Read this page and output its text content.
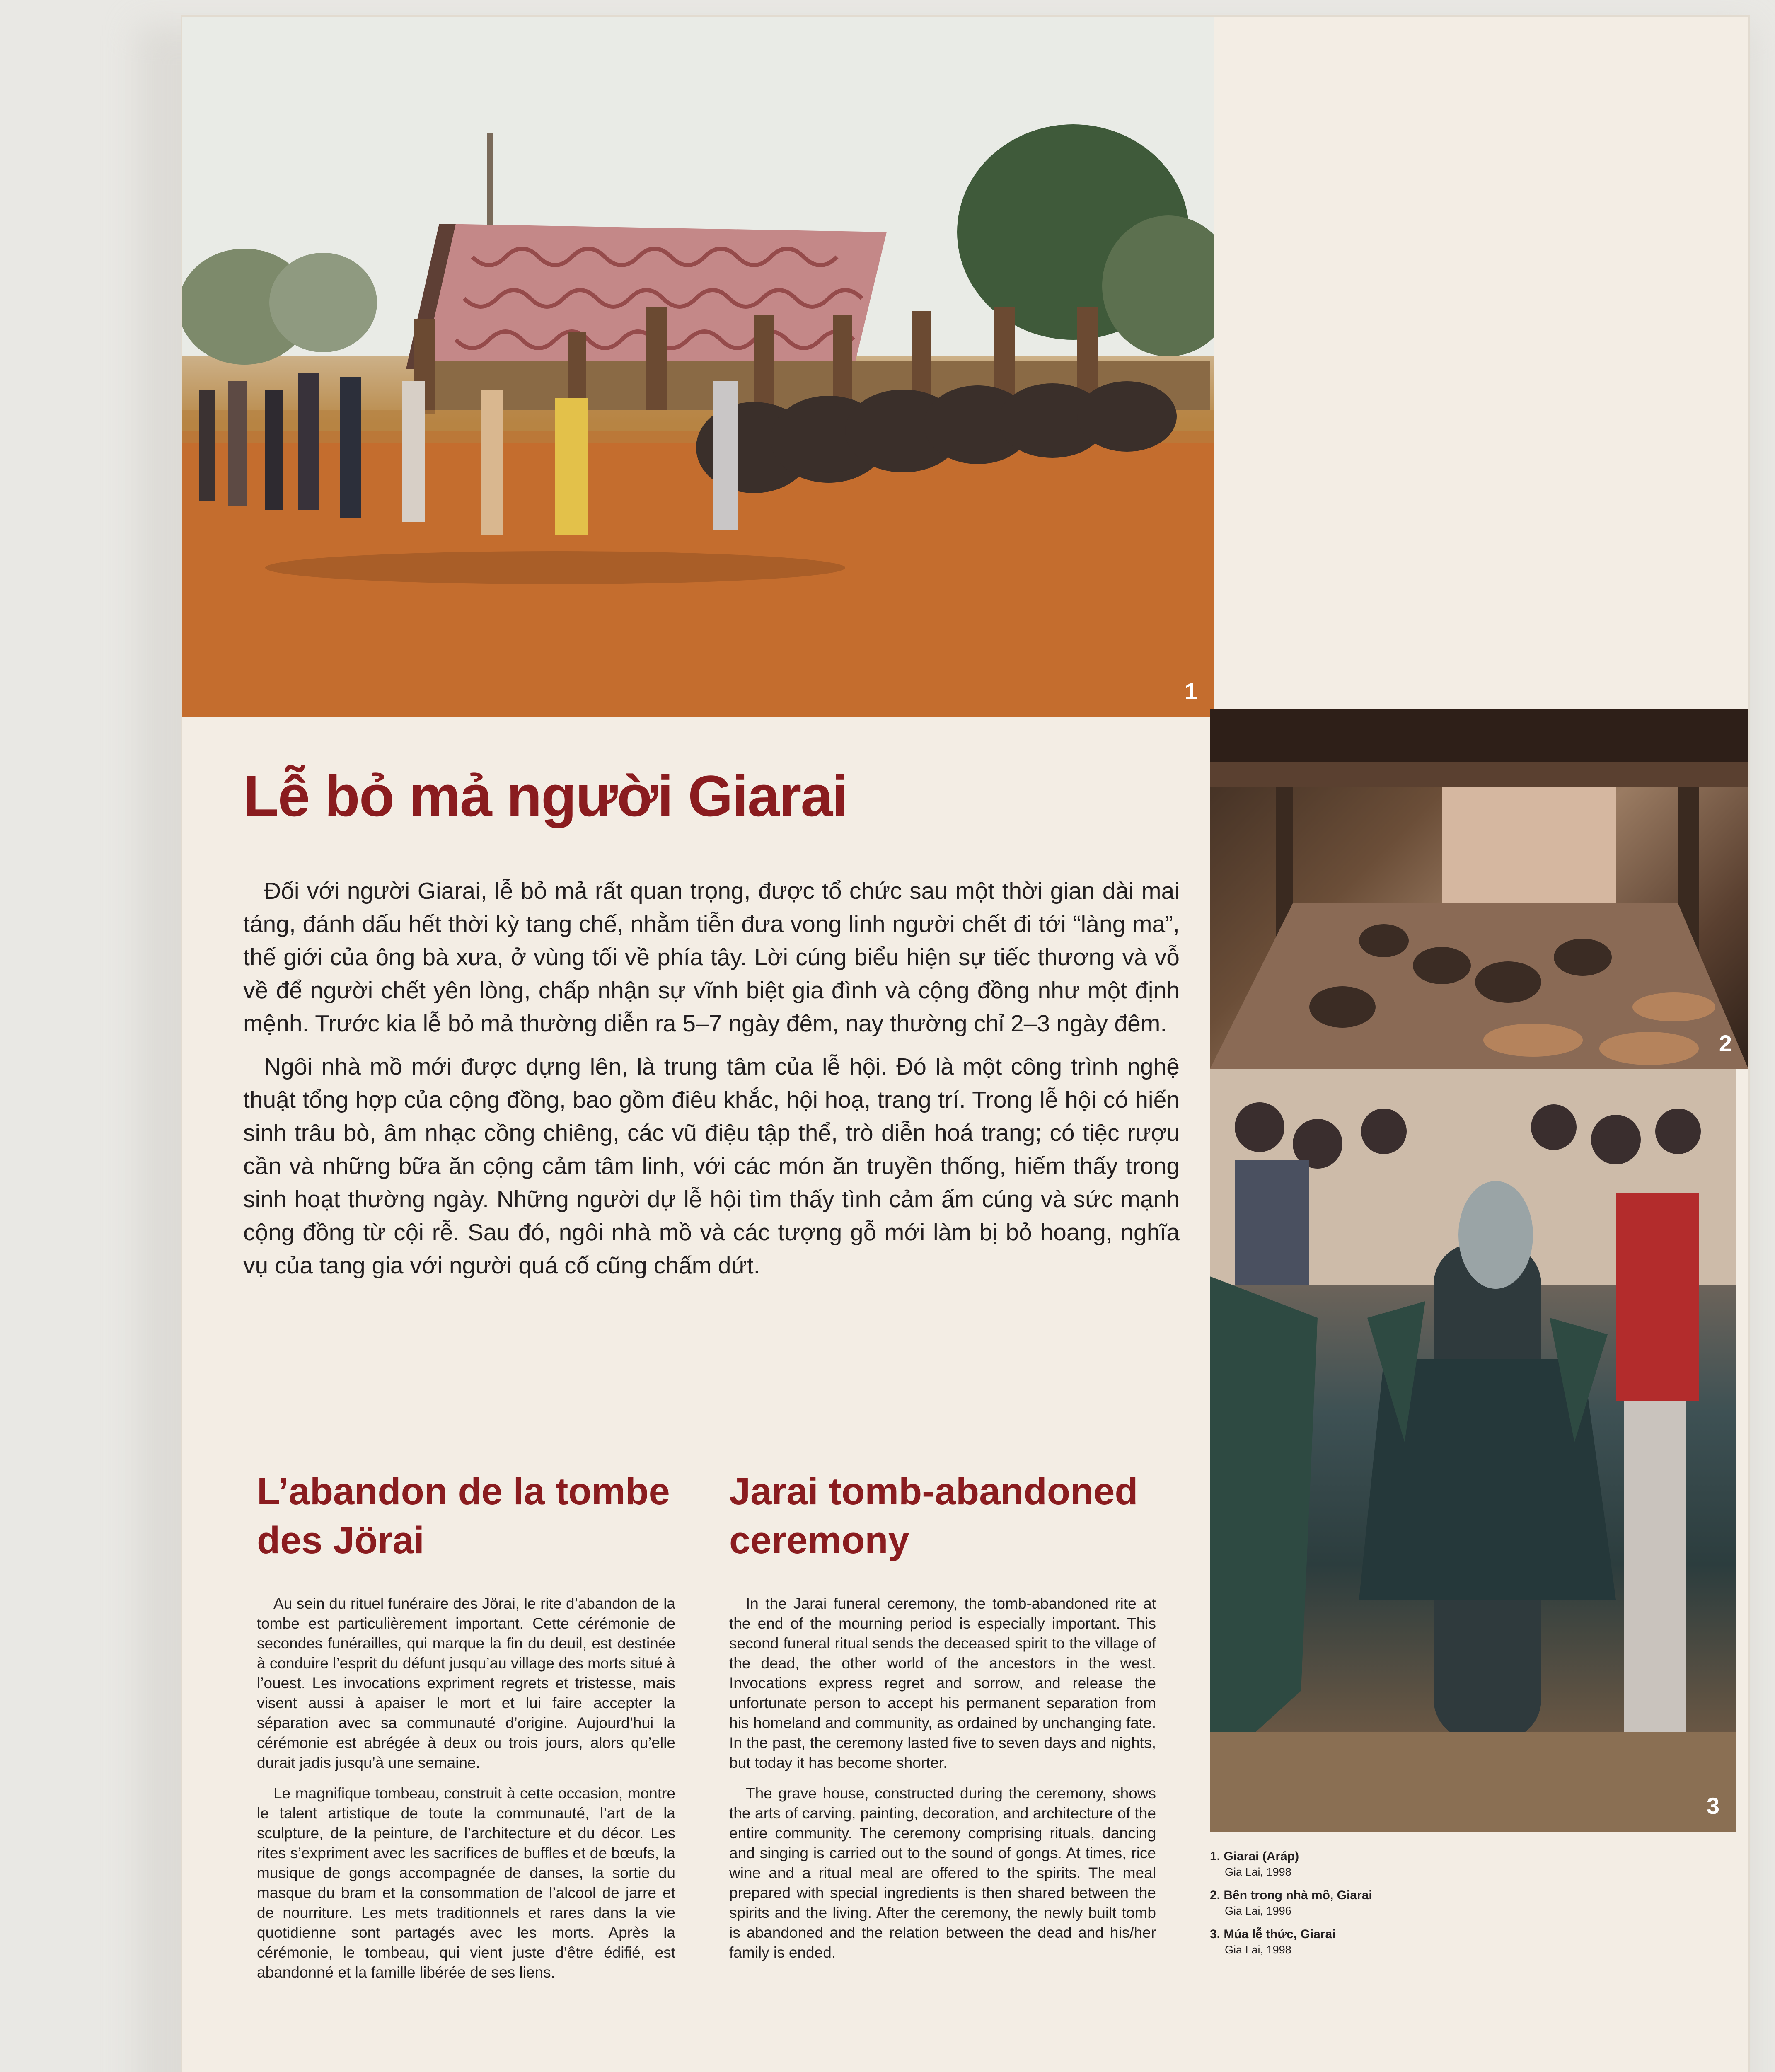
1
2
3
Lễ bỏ mả người Giarai

Đối với người Giarai, lễ bỏ mả rất quan trọng, được tổ chức sau một thời gian dài mai táng, đánh dấu hết thời kỳ tang chế, nhằm tiễn đưa vong linh người chết đi tới “làng ma”, thế giới của ông bà xưa, ở vùng tối về phía tây. Lời cúng biểu hiện sự tiếc thương và vỗ về để người chết yên lòng, chấp nhận sự vĩnh biệt gia đình và cộng đồng như một định mệnh. Trước kia lễ bỏ mả thường diễn ra 5–7 ngày đêm, nay thường chỉ 2–3 ngày đêm.

Ngôi nhà mồ mới được dựng lên, là trung tâm của lễ hội. Đó là một công trình nghệ thuật tổng hợp của cộng đồng, bao gồm điêu khắc, hội hoạ, trang trí. Trong lễ hội có hiến sinh trâu bò, âm nhạc cồng chiêng, các vũ điệu tập thể, trò diễn hoá trang; có tiệc rượu cần và những bữa ăn cộng cảm tâm linh, với các món ăn truyền thống, hiếm thấy trong sinh hoạt thường ngày. Những người dự lễ hội tìm thấy tình cảm ấm cúng và sức mạnh cộng đồng từ cội rễ. Sau đó, ngôi nhà mồ và các tượng gỗ mới làm bị bỏ hoang, nghĩa vụ của tang gia với người quá cố cũng chấm dứt.

L’abandon de la tombe des Jörai

Au sein du rituel funéraire des Jörai, le rite d’abandon de la tombe est particulièrement important. Cette cérémonie de secondes funérailles, qui marque la fin du deuil, est destinée à conduire l’esprit du défunt jusqu’au village des morts situé à l’ouest. Les invocations expriment regrets et tristesse, mais visent aussi à apaiser le mort et lui faire accepter la séparation avec sa communauté d’origine. Aujourd’hui la cérémonie est abrégée à deux ou trois jours, alors qu’elle durait jadis jusqu’à une semaine.

Le magnifique tombeau, construit à cette occasion, montre le talent artistique de toute la communauté, l’art de la sculpture, de la peinture, de l’architecture et du décor. Les rites s’expriment avec les sacrifices de buffles et de bœufs, la musique de gongs accompagnée de danses, la sortie du masque du bram et la consommation de l’alcool de jarre et de nourriture. Les mets traditionnels et rares dans la vie quotidienne sont partagés avec les morts. Après la cérémonie, le tombeau, qui vient juste d’être édifié, est abandonné et la famille libérée de ses liens.

Jarai tomb-abandoned ceremony

In the Jarai funeral ceremony, the tomb-abandoned rite at the end of the mourning period is especially important. This second funeral ritual sends the deceased spirit to the village of the dead, the other world of the ancestors in the west. Invocations express regret and sorrow, and release the unfortunate person to accept his permanent separation from his homeland and community, as ordained by unchanging fate. In the past, the ceremony lasted five to seven days and nights, but today it has become shorter.

The grave house, constructed during the ceremony, shows the arts of carving, painting, decoration, and architecture of the entire community. The ceremony comprising rituals, dancing and singing is carried out to the sound of gongs. At times, rice wine and a ritual meal are offered to the spirits. The meal prepared with special ingredients is then shared between the spirits and the living. After the ceremony, the newly built tomb is abandoned and the relation between the dead and his/her family is ended.

1. Giarai (Aráp)
Gia Lai, 1998
2. Bên trong nhà mồ, Giarai
Gia Lai, 1996
3. Múa lễ thức, Giarai
Gia Lai, 1998
